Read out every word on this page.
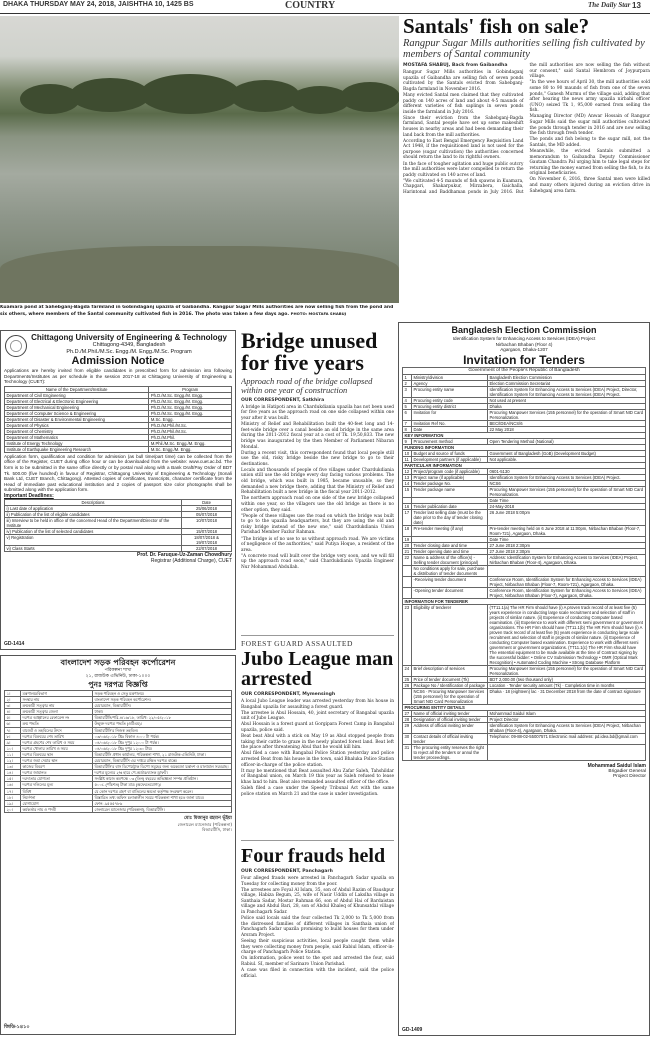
DHAKA THURSDAY MAY 24, 2018, JAISHTHA 10, 1425 BS	COUNTRY	The Daily Star 13
Santals' fish on sale?
Rangpur Sugar Mills authorities selling fish cultivated by members of Santal community
MOSTAFA SHABUJ, Back from Gaibandha

Rangpur Sugar Mills authorities in Gobindaganj upazila of Gaibandha are selling fish of seven ponds cultivated by the Santals evicted from Sahebganj-Bagda farmland in November 2016.

Many evicted Santal men claimed that they cultivated paddy on 140 acres of land and about 4-5 maunds of different varieties of fish saplings in seven ponds inside the farmland in July 2016.

Since their eviction from the Sahebganj-Bagda farmland, Santal people have set up some makeshift houses in nearby areas and had been demanding their land back from the mill authorities.

According to East Bengal Emergency Requisition Land Act 1948, if the requisitioned land is not used for the purpose (sugar cultivation) the authorities concerned should return the land to its rightful owners.

In the face of tougher agitation and huge public outcry the mill authorities were later compelled to return the paddy cultivated on 140 acres of land.

"We cultivated 4-5 maunds of fish spawns in Kuamara, Chapgari, Shakarpukur, Mirzabera, Gaichalla, Harintonal and Baddhaman ponds in July 2016. But the mill authorities are now selling the fish without our consent," said Santal Hembrom of Joypurpara village.

"In the wee hours of April 30, the mill authorities sold some 80 to 90 maunds of fish from one of the seven ponds," Ganesh Murmu of the village said, adding that after hearing the news army upazila nirbahi officer (UNO) seized Tk 1, 95,000 earned from selling the fish.

Managing Director (MD) Anwar Hossain of Rangpur Sugar Mills said the sugar mill authorities cultivated the ponds through tender in 2016 and are now selling the fish through fresh tender.

The ponds and fish belong to the sugar mill, not the Santals, the MD added.

Meanwhile, the evicted Santals submitted a memorandum to Gaibandha Deputy Commissioner Gautam Chandra Pal urging him to take legal steps for returning the money earned from selling the fish, to its original beneficiaries.

On November 6, 2016, three Santal men were killed and many others injured during an eviction drive in Sahebganj area farm.

Kuamara pond at Sahebganj-Bagda farmland in Gobindaganj upazila of Gaibandha. Rangpur Sugar Mills authorities are now selling fish from the pond and six others, where members of the Santal community cultivated fish in 2016. The photo was taken a few days ago. PHOTO: MOSTAFA SHABUJ
Chittagong University of Engineering & Technology
Chittagong-4349, Bangladesh
Ph.D./M.Phil./M.Sc. Engg./M. Engg./M.Sc. Program
Admission Notice
Applications are hereby invited from eligible candidates in prescribed form for admission into following Departments/Institutes as per schedule in the session 2017-18 at Chittagong University of Engineering & Technology (CUET):
Name of the Department/Institute	Program
Department of Civil Engineering	Ph.D./M.Sc. Engg./M. Engg.
Department of Electrical & Electronic Engineering	Ph.D./M.Sc. Engg./M. Engg.
Department of Mechanical Engineering	Ph.D./M.Sc. Engg./M. Engg.
Department of Computer Science & Engineering	Ph.D./M.Sc. Engg./M. Engg.
Department of Disaster & Environmental Engineering	M.Sc. Engg.
Department of Physics	Ph.D./M.Phil./M.Sc.
Department of Chemistry	Ph.D./M.Phil./M.Sc.
Department of Mathematics	Ph.D./M.Phil.
Institute of Energy Technology	M.Phil./M.Sc. Engg./M. Engg.
Institute of Earthquake Engineering Research	M.Sc. Engg./M. Engg.
Application form, qualification and condition for admission (as bull time/part time) can be collected from the office of the Register, CUET during office hour or can be downloaded from the website: www.cuet.ac.bd. The form is to be submitted in the same office directly or by postal mail along with a Bank Draft/Pay Order of BDT Tk. 500.00 (five hundred) in favour of Registrar, Chittagong University of Engineering & Technology (Sonali Bank Ltd, CUET Branch, Chittagong). Attested copies of certificates, transcripts, character certificate from the Head of immediate past educational institution and 2 copies of passport size color photographs shall be submitted along with the application form.
Important Deadlines:
Descriptions	Date
i) Last date of application	25/06/2018
ii) Publication of the list of eligible candidates	05/07/2018
iii) Interview to be held in office of the concerned Head of the Department/Director of the Institute	10/07/2018
iv) Publication of the list of selected candidates	15/07/2018
v) Registration	18/07/2018 & 19/07/2018
vi) Class Starts	22/07/2018
Prof. Dr. Faruque-Uz-Zaman Chowdhury
Registrar (Additional Charge), CUET
GD-1414
বাংলাদেশ সড়ক পরিবহন কর্পোরেশন
পরিকল্পনা শাখা
২১, রাজউক এভিনিউ, ঢাকা-১০০০
পুনঃ দরপত্র বিজ্ঞপ্তি
১।	মন্ত্রণালয়/বিভাগ	সড়ক পরিবহন ও সেতু মন্ত্রণালয়।
২।	সংস্থার নাম	বাংলাদেশ সড়ক পরিবহন কর্পোরেশন।
৩।	ক্রয়কারী সত্ত্বার নাম	চেয়ারম্যান, বিআরটিসি।
৪।	ক্রয়কারী সত্ত্বার জেলা	ঢাকা।
৫।	দরপত্র আহ্বানের রেফারেন্স নং	বিআরটিসি/পরি-৪/১৬/১৮, তারিখ: ২২/০৫/২০১৮
৬।	ক্রয় পদ্ধতি	উন্মুক্ত দরপত্র পদ্ধতি (ওটিএম)।
৭।	বাজেট ও তহবিলের উৎস	বিআরটিসি'র নিজস্ব তহবিল।
৮।	দরপত্র বিক্রয়ের শেষ তারিখ	০৩/০৬/২০১৮ খ্রিঃ বিকাল ৪:০০ টা পর্যন্ত।
৯।	দরপত্র গ্রহণের শেষ তারিখ ও সময়	০৪/০৬/২০১৮ খ্রিঃ দুপুর ১২:০০ টা পর্যন্ত।
১০।	দরপত্র খোলার তারিখ ও সময়	০৪/০৬/২০১৮ খ্রিঃ দুপুর ১২:৩০ টায়।
১১।	দরপত্র বিক্রয়ের স্থান	বিআরটিসি প্রধান কার্যালয়, পরিকল্পনা শাখা, ২১ রাজউক এভিনিউ, ঢাকা।
১২।	দরপত্র জমা দেয়ার স্থান	চেয়ারম্যান, বিআরটিসি এর দপ্তরে রক্ষিত দরপত্র বাক্সে।
১৩।	কাজের বিবরণ	বিআরটিসি'র বাস ডিপো/ট্রাক ডিপো সমূহের জন্য অকেজো যন্ত্রাংশ ও মালামাল সরবরাহ।
১৪।	দরপত্র জামানত	দরপত্র মূল্যের ২% হারে পে-অর্ডার/ব্যাংক ড্রাফট।
১৫।	দরদাতার যোগ্যতা	সংশ্লিষ্ট কাজে কমপক্ষে ০৩ (তিন) বছরের অভিজ্ঞতা সম্পন্ন প্রতিষ্ঠান।
১৬।	দরপত্র দলিলের মূল্য	৫০০/- (পাঁচশত) টাকা মাত্র (অফেরতযোগ্য)।
১৭।	বিবিধ	যে কোন দরপত্র গ্রহণ বা বাতিলের ক্ষমতা কর্তৃপক্ষ সংরক্ষণ করেন।
১৮।	নির্দেশনা	বিস্তারিত তথ্য অফিস চলাকালীন সময়ে পরিকল্পনা শাখা হতে জানা যাবে।
১৯।	যোগাযোগ	ফোন: ৯৫৫৫৭৮৬
২০।	কর্মকর্তার নাম ও পদবী	জেনারেল ম্যানেজার (পরিকল্পনা), বিআরটিসি।
মোঃ মিজানুর রহমান ভূঁইয়া
জেনারেল ম্যানেজার (পরিকল্পনা)
বিআরটিসি, ঢাকা।
জিডি-১৪১০
Bridge unused for five years
Approach road of the bridge collapsed within one year of construction
OUR CORRESPONDENT, Satkhira

A bridge in Hatipoti area in Chardukdiania upazila has not been used for five years as the approach road on one side collapsed within one year after it was built.

Ministry of Relief and Rehabilitation built the 40-feet long and 14-feet-wide bridge over a canal beside an old bridge in the same area during the 2011-2012 fiscal year at a cost of Tk. 19,50,833. The new bridge was inaugurated by the then Member of Parliament Nibaran Mondal.

During a recent visit, this correspondent found that local people still use the old, risky bridge beside the new bridge to go to their destinations.

Locals and thousands of people of five villages under Chardukdiania union still use the old bridge every day facing various problems. The old bridge, which was built in 1985, became unusable, so they demanded a new bridge there, adding that the Ministry of Relief and Rehabilitation built a new bridge in the fiscal year 2011-2012.

The northern approach road on one side of the new bridge collapsed within one year, so the villagers use the old bridge as there is no other option, they said.

"People of these villages use the road on which the bridge was built to go to the upazila headquarters, but they are using the old and risky bridge instead of the new one," said Chardukdiania Union Parishad Member Fazlur Rahman.

"The bridge is of no use to us without approach road. We are victims of negligence of the authorities," said Putiya Hoque, a resident of the area.

"A concrete road will built over the bridge very soon, and we will fill up the approach road soon," said Chardukdiania Upazila Engineer Nur Mohammad Abdullah.

FOREST GUARD ASSAULTED
Jubo League man arrested
OUR CORRESPONDENT, Mymensingh

A local Jubo League leader was arrested yesterday from his house in Bangabal upazila for assaulting a forest guard.

The arrestee is Abul Hossain, 40, joint secretary of Bangabal upazila unit of Jubo League.

Abul Hossain is a forest guard at Gorgipara Forest Camp in Bangabal upazila, police said.

Beat beat Abul with a stick on May 19 as Abul stopped people from taking their cattle to graze in the newly planted forest land. Beat left the place after threatening Abul that he would kill him.

Abul filed a case with Bangabal Police Station yesterday and police arrested Beat from his house in the town, said Bhaluka Police Station officer-in-charge of the police station.

It may be mentioned that Beat assaulted Abu Zafar Saleh, Tahshildar of Bangabal union, on March 19 this year as Saleh refused to lease khas land to him. Beat also remanded assaulted officer of the office.

Saleh filed a case under the Speedy Tribunal Act with the same police station on March 21 and the case is under investigation.

Four frauds held
OUR CORRESPONDENT, Panchagarh

Four alleged frauds were arrested in Panchagarh Sadar upazila on Tuesday for collecting money from the poor.

The arrestees are Foyal Al Islam, 35, son of Abdul Razim of Baushpur village, Habiza Begum, 25, wife of Nasir Uddin of Lakslha village in Santhaia Sadar, Mostar Rahman 66, son of Abdul Hai of Bardaistan village and Abdul Bari, 28, son of Abdul Khaleq of Khunsatdal village in Panchagarh Sadar.

Police said locals said the four collected Tk 2,000 to Tk 5,000 from the distressed families of different villages in Santhaia union of Panchagarh Sadar upazila promising to build houses for them under Arsram Project.

Seeing their suspicious activities, local people caught them while they were collecting money from people, said Rabiul Islam, officer-in-charge of Panchagarh Police Station.

On information, police went to the spot and arrested the four, said Rabiul. SI, member of Sarinaro Union Parishad.

A case was filed in connection with the incident, said the police official.

Bangladesh Election Commission
Identification System for Enhancing Access to Services (IDEA) Project
Nirbachan Bhaban (Floor 4)
Agargaon, Dhaka-1207
Invitation for Tenders
Government of the People's Republic of Bangladesh
1	Ministry/division	Bangladesh Election Commission
2	Agency	Election Commission Secretariat
3	Procuring entity name	Identification System for Enhancing Access to Services (IDEA) Project, Director, Identification System for Enhancing Access to Services (IDEA) Project.
4	Procuring entity code	Not used at present
5	Procuring entity district	Dhaka
6	Invitation for	Procuring Manpower Services (155 personnel) for the operation of Smart NID Card Personalization.
7	Invitation Ref No.	BEC/IDEA/NCS/6
8	Date	22 May 2018
KEY INFORMATION		
9	Procurement method	Open Tendering Method (National)
FUNDING INFORMATION		
10	Budget and source of funds	Government of Bangladesh (GoB) (Development Budget)
11	Development partners (if applicable)	Not applicable.
PARTICULAR INFORMATION		
12	Project/program code (if applicable)	0601-5130
13	Project name (if applicable)	Identification System for Enhancing Access to Services (IDEA) Project.
14	Tender package No.	NCS6
15	Tender package name	Procuring Manpower Services (155 personnel) for the operation of Smart NID Card Personalization.
		Date Time
16	Tender publication date	24-May-2018
17	Tender last selling date (must be the date prior to the day of tender closing date)	26 June 2018 5:00pm
18	Pre-tender meeting (if any)	Pre-tender meeting held on 6 June 2018 at 11:00pm, Nirbachan Bhaban (Floor-7, Room-721), Agargaon, Dhaka.
19		Date Time
20	Tender closing date and time	27 June 2018 2:30pm
21	Tender opening date and time	27 June 2018 2:30pm
22	Name & address of the office(s) - Selling tender document (principal)	Address: Identification System for Enhancing Access to Services (IDEA) Project, Nirbachan Bhaban (Floor-4), Agargaon, Dhaka.
	No conditions apply for sale, purchase & distribution of tender documents	
	-Receiving tender document	Conference Room, Identification System for Enhancing Access to Services (IDEA) Project, Nirbachan Bhaban (Floor-7, Room-721), Agargaon, Dhaka.
	-Opening tender document	Conference Room, Identification System for Enhancing Access to Services (IDEA) Project, Nirbachan Bhaban (Floor-7), Agargaon, Dhaka.
INFORMATION FOR TENDERER		
23	Eligibility of tenderer	(TT11.1(a) The HR Firm should have (i) A proven track record of at least five (5) years experience in conducting large scale recruitment and selection of staff in projects of similar nature. (ii) Experience of conducting Computer based examination. (iii) Experience to work with different semi government or government organizations. The HR Firm should have (TT11.1(b) The HR Firm should have (i) A proven track record of at least five (5) years experience in conducting large scale recruitment and selection of staff in projects of similar nature. (ii) Experience of conducting Computer based examination. Experience to work with different semi government or government organizations. (TT11.1(c) The HR Firm should have The essential equipment to be made available at the time of Contract signing by the successful bidder: • Online CV Submission Technology • OMR (Optical Mark Recognition) • Automated Coding Machine • Strong Database Platform
24	Brief description of services	Procuring Manpower Services (155 personnel) for the operation of Smart NID Card Personalization.
25	Price of tender document (Tk)	BDT 2,000.00 (two thousand only)
26	Package No / Identification of package	Location · Tender security amount (Tk) · Completion time in months
	NCS6 · Procuring Manpower Services (155 personnel) for the operation of Smart NID Card Personalization	Dhaka · 18 (eighteen) lac · 31 December 2018 from the date of contract signature
PROCURING ENTITY DETAILS		
27	Name of official inviting tender	Mohammad Saidul Islam
28	Designation of official inviting tender	Project Director
29	Address of official inviting tender	Identification System for Enhancing Access to Services (IDEA) Project, Nirbachan Bhaban (Floor-4), Agargaon, Dhaka.
30	Contact details of official inviting tender	Telephone: 09-88-02-55007571 Electronic mail address: pd.idea.bd@gmail.com
31	The procuring entity reserves the right to reject all the tenders or annul the tender proceedings.	
Mohammad Saidul Islam
Brigadier General
Project Director
GD-1409
